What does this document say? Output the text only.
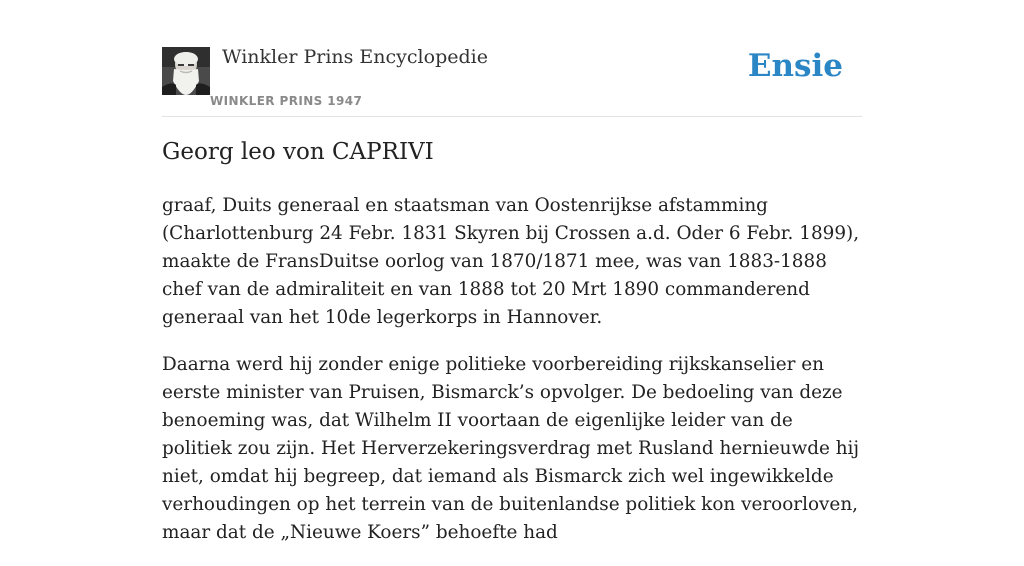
Winkler Prins Encyclopedie
WINKLER PRINS 1947
Ensie
Georg leo von CAPRIVI

graaf, Duits generaal en staatsman van Oostenrijkse afstamming (Charlottenburg 24 Febr. 1831 Skyren bij Crossen a.d. Oder 6 Febr. 1899), maakte de FransDuitse oorlog van 1870/1871 mee, was van 1883-1888 chef van de admiraliteit en van 1888 tot 20 Mrt 1890 commanderend generaal van het 10de legerkorps in Hannover.

Daarna werd hij zonder enige politieke voorbereiding rijkskanselier en eerste minister van Pruisen, Bismarck’s opvolger. De bedoeling van deze benoeming was, dat Wilhelm II voortaan de eigenlijke leider van de politiek zou zijn. Het Herverzekeringsverdrag met Rusland hernieuwde hij niet, omdat hij begreep, dat iemand als Bismarck zich wel ingewikkelde verhoudingen op het terrein van de buitenlandse politiek kon veroorloven, maar dat de „Nieuwe Koers” behoefte had
